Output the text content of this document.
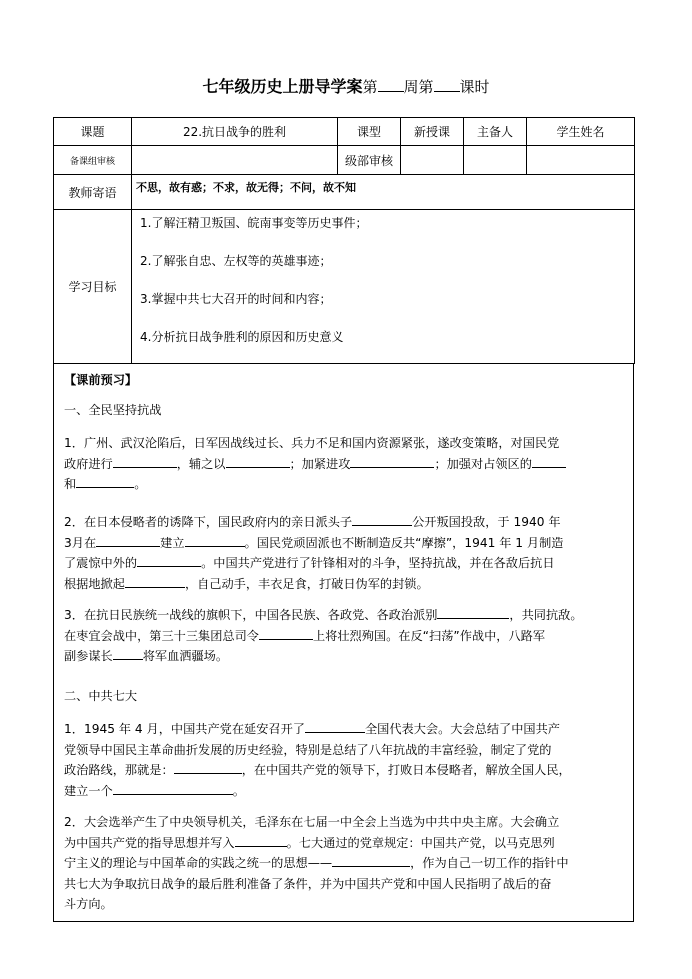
七年级历史上册导学案第 周第 课时
课题	22.抗日战争的胜利	课型	新授课	主备人	学生姓名
备课组审核		级部审核			
教师寄语	不思，故有惑；不求，故无得；不问，故不知				
学习目标	1.了解汪精卫叛国、皖南事变等历史事件；
2.了解张自忠、左权等的英雄事迹；
3.掌握中共七大召开的时间和内容；
4.分析抗日战争胜利的原因和历史意义				
【课前预习】
一、全民坚持抗战

1．广州、武汉沦陷后，日军因战线过长、兵力不足和国内资源紧张，遂改变策略，对国民党

政府进行	，辅之以	；加紧进攻	；加强对占领区的

和	。

2．在日本侵略者的诱降下，国民政府内的亲日派头子	公开叛国投敌，于 1940 年

3月在	建立	。国民党顽固派也不断制造反共“摩擦”，1941 年 1 月制造

了震惊中外的	。中国共产党进行了针锋相对的斗争，坚持抗战，并在各敌后抗日

根据地掀起	，自己动手，丰衣足食，打破日伪军的封锁。

3．在抗日民族统一战线的旗帜下，中国各民族、各政党、各政治派别	，共同抗敌。

在枣宜会战中，第三十三集团总司令	上将壮烈殉国。在反“扫荡”作战中，八路军

副参谋长 将军血洒疆场。

二、中共七大

1．1945 年 4 月，中国共产党在延安召开了	全国代表大会。大会总结了中国共产

党领导中国民主革命曲折发展的历史经验，特别是总结了八年抗战的丰富经验，制定了党的

政治路线，那就是：	，在中国共产党的领导下，打败日本侵略者，解放全国人民，

建立一个	。

2．大会选举产生了中央领导机关，毛泽东在七届一中全会上当选为中共中央主席。大会确立

为中国共产党的指导思想并写入	。七大通过的党章规定：中国共产党，以马克思列

宁主义的理论与中国革命的实践之统一的思想——	，作为自己一切工作的指针中

共七大为争取抗日战争的最后胜利准备了条件，并为中国共产党和中国人民指明了战后的奋

斗方向。
